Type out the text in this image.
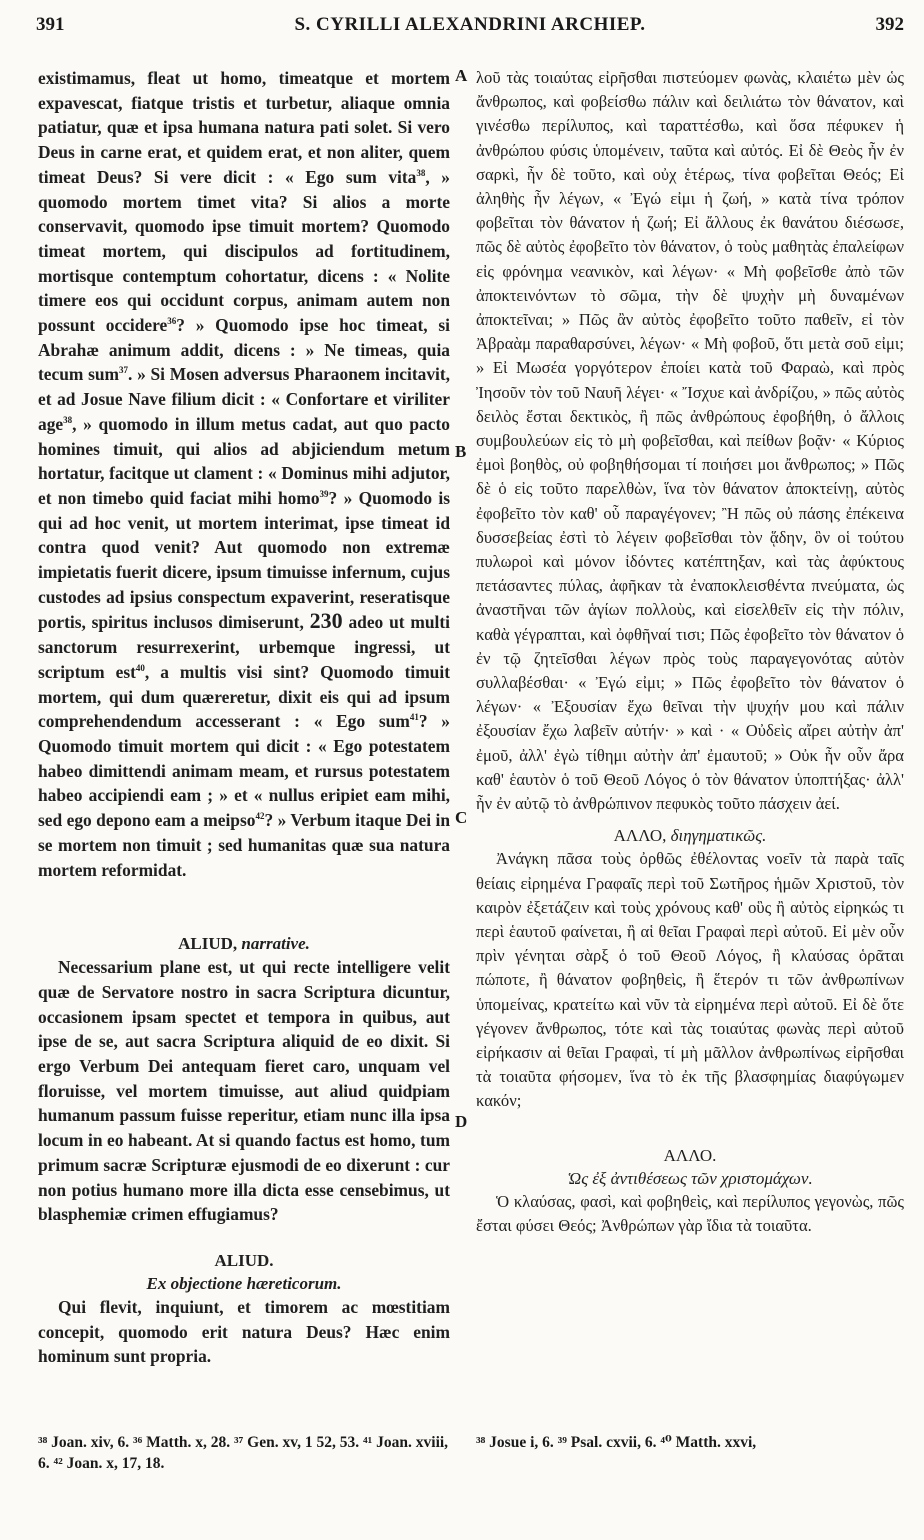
391	S. CYRILLI ALEXANDRINI ARCHIEP.	392
A
B
C
D

existimamus, fleat ut homo, timeatque et mortem expavescat, fiatque tristis et turbetur, aliaque omnia patiatur, quæ et ipsa humana natura pati solet. Si vero Deus in carne erat, et quidem erat, et non aliter, quem timeat Deus? Si vere dicit : « Ego sum vita$^{38}$, » quomodo mortem timet vita? Si alios a morte conservavit, quomodo ipse timuit mortem? Quomodo timeat mortem, qui discipulos ad fortitudinem, mortisque contemptum cohortatur, dicens : « Nolite timere eos qui occidunt corpus, animam autem non possunt occidere$^{36}$? » Quomodo ipse hoc timeat, si Abrahæ animum addit, dicens : » Ne timeas, quia tecum sum$^{37}$. » Si Mosen adversus Pharaonem incitavit, et ad Josue Nave filium dicit : « Confortare et viriliter age$^{38}$, » quomodo in illum metus cadat, aut quo pacto homines timuit, qui alios ad abjiciendum metum hortatur, facitque ut clament : « Dominus mihi adjutor, et non timebo quid faciat mihi homo$^{39}$? » Quomodo is qui ad hoc venit, ut mortem interimat, ipse timeat id contra quod venit? Aut quomodo non extremæ impietatis fuerit dicere, ipsum timuisse infernum, cujus custodes ad ipsius conspectum expaverint, reseratisque portis, spiritus inclusos dimiserunt, 230 adeo ut multi sanctorum resurrexerint, urbemque ingressi, ut scriptum est$^{40}$, a multis visi sint? Quomodo timuit mortem, qui dum quæreretur, dixit eis qui ad ipsum comprehendendum accesserant : « Ego sum$^{41}$? » Quomodo timuit mortem qui dicit : « Ego potestatem habeo dimittendi animam meam, et rursus potestatem habeo accipiendi eam ; » et « nullus eripiet eam mihi, sed ego depono eam a meipso$^{42}$? » Verbum itaque Dei in se mortem non timuit ; sed humanitas quæ sua natura mortem reformidat.

ALIUD, narrative.

Necessarium plane est, ut qui recte intelligere velit quæ de Servatore nostro in sacra Scriptura dicuntur, occasionem ipsam spectet et tempora in quibus, aut ipse de se, aut sacra Scriptura aliquid de eo dixit. Si ergo Verbum Dei antequam fieret caro, unquam vel floruisse, vel mortem timuisse, aut aliud quidpiam humanum passum fuisse reperitur, etiam nunc illa ipsa locum in eo habeant. At si quando factus est homo, tum primum sacræ Scripturæ ejusmodi de eo dixerunt : cur non potius humano more illa dicta esse censebimus, ut blasphemiæ crimen effugiamus?

ALIUD.
Ex objectione hæreticorum.

Qui flevit, inquiunt, et timorem ac mœstitiam concepit, quomodo erit natura Deus? Hæc enim hominum sunt propria.

λοῦ τὰς τοιαύτας εἰρῆσθαι πιστεύομεν φωνὰς, κλαιέτω μὲν ὡς ἄνθρωπος, καὶ φοβείσθω πάλιν καὶ δειλιάτω τὸν θάνατον, καὶ γινέσθω περίλυπος, καὶ ταραττέσθω, καὶ ὅσα πέφυκεν ἡ ἀνθρώπου φύσις ὑπομένειν, ταῦτα καὶ αὐτός. Εἰ δὲ Θεὸς ἦν ἐν σαρκὶ, ἦν δὲ τοῦτο, καὶ οὐχ ἑτέρως, τίνα φοβεῖται Θεός; Εἰ ἀληθὴς ἦν λέγων, « Ἐγώ εἰμι ἡ ζωή, » κατὰ τίνα τρόπον φοβεῖται τὸν θάνατον ἡ ζωή; Εἰ ἄλλους ἐκ θανάτου διέσωσε, πῶς δὲ αὐτὸς ἐφοβεῖτο τὸν θάνατον, ὁ τοὺς μαθητὰς ἐπαλείφων εἰς φρόνημα νεανικὸν, καὶ λέγων· « Μὴ φοβεῖσθε ἀπὸ τῶν ἀποκτεινόντων τὸ σῶμα, τὴν δὲ ψυχὴν μὴ δυναμένων ἀποκτεῖναι; » Πῶς ἂν αὐτὸς ἐφοβεῖτο τοῦτο παθεῖν, εἰ τὸν Ἀβραὰμ παραθαρσύνει, λέγων· « Μὴ φοβοῦ, ὅτι μετὰ σοῦ εἰμι; » Εἰ Μωσέα γοργότερον ἐποίει κατὰ τοῦ Φαραὼ, καὶ πρὸς Ἰησοῦν τὸν τοῦ Ναυῆ λέγει· « Ἴσχυε καὶ ἀνδρίζου, » πῶς αὐτὸς δειλὸς ἔσται δεκτικὸς, ἢ πῶς ἀνθρώπους ἐφοβήθη, ὁ ἄλλοις συμβουλεύων εἰς τὸ μὴ φοβεῖσθαι, καὶ πείθων βοᾷν· « Κύριος ἐμοὶ βοηθὸς, οὐ φοβηθήσομαι τί ποιήσει μοι ἄνθρωπος; » Πῶς δὲ ὁ εἰς τοῦτο παρελθὼν, ἵνα τὸν θάνατον ἀποκτείνῃ, αὐτὸς ἐφοβεῖτο τὸν καθ' οὗ παραγέγονεν; Ἢ πῶς οὐ πάσης ἐπέκεινα δυσσεβείας ἐστὶ τὸ λέγειν φοβεῖσθαι τὸν ᾅδην, ὃν οἱ τούτου πυλωροὶ καὶ μόνον ἰδόντες κατέπτηξαν, καὶ τὰς ἀφύκτους πετάσαντες πύλας, ἀφῆκαν τὰ ἐναποκλεισθέντα πνεύματα, ὡς ἀναστῆναι τῶν ἁγίων πολλοὺς, καὶ εἰσελθεῖν εἰς τὴν πόλιν, καθὰ γέγραπται, καὶ ὀφθῆναί τισι; Πῶς ἐφοβεῖτο τὸν θάνατον ὁ ἐν τῷ ζητεῖσθαι λέγων πρὸς τοὺς παραγεγονότας αὐτὸν συλλαβέσθαι· « Ἐγώ εἰμι; » Πῶς ἐφοβεῖτο τὸν θάνατον ὁ λέγων· « Ἐξουσίαν ἔχω θεῖναι τὴν ψυχήν μου καὶ πάλιν ἐξουσίαν ἔχω λαβεῖν αὐτήν· » καὶ · « Οὐδεὶς αἴρει αὐτὴν ἀπ' ἐμοῦ, ἀλλ' ἐγὼ τίθημι αὐτὴν ἀπ' ἐμαυτοῦ; » Οὐκ ἦν οὖν ἄρα καθ' ἑαυτὸν ὁ τοῦ Θεοῦ Λόγος ὁ τὸν θάνατον ὑποπτήξας· ἀλλ' ἦν ἐν αὐτῷ τὸ ἀνθρώπινον πεφυκὸς τοῦτο πάσχειν ἀεί.

ΑΛΛΟ, διηγηματικῶς.

Ἀνάγκη πᾶσα τοὺς ὀρθῶς ἐθέλοντας νοεῖν τὰ παρὰ ταῖς θείαις εἰρημένα Γραφαῖς περὶ τοῦ Σωτῆρος ἡμῶν Χριστοῦ, τὸν καιρὸν ἐξετάζειν καὶ τοὺς χρόνους καθ' οὓς ἢ αὐτὸς εἰρηκώς τι περὶ ἑαυτοῦ φαίνεται, ἢ αἱ θεῖαι Γραφαὶ περὶ αὐτοῦ. Εἰ μὲν οὖν πρὶν γένηται σὰρξ ὁ τοῦ Θεοῦ Λόγος, ἢ κλαύσας ὁρᾶται πώποτε, ἢ θάνατον φοβηθεὶς, ἢ ἕτερόν τι τῶν ἀνθρωπίνων ὑπομείνας, κρατείτω καὶ νῦν τὰ εἰρημένα περὶ αὐτοῦ. Εἰ δὲ ὅτε γέγονεν ἄνθρωπος, τότε καὶ τὰς τοιαύτας φωνὰς περὶ αὐτοῦ εἰρήκασιν αἱ θεῖαι Γραφαὶ, τί μὴ μᾶλλον ἀνθρωπίνως εἰρῆσθαι τὰ τοιαῦτα φήσομεν, ἵνα τὸ ἐκ τῆς βλασφημίας διαφύγωμεν κακόν;

ΑΛΛΟ.
Ὡς ἐξ ἀντιθέσεως τῶν χριστομάχων.

Ὁ κλαύσας, φασὶ, καὶ φοβηθεὶς, καὶ περίλυπος γεγονὼς, πῶς ἔσται φύσει Θεός; Ἀνθρώπων γὰρ ἴδια τὰ τοιαῦτα.

³⁸ Joan. xiv, 6. ³⁶ Matth. x, 28. ³⁷ Gen. xv, 1 52, 53. ⁴¹ Joan. xviii, 6. ⁴² Joan. x, 17, 18.
³⁸ Josue i, 6. ³⁹ Psal. cxvii, 6. ⁴⁰ Matth. xxvi,
